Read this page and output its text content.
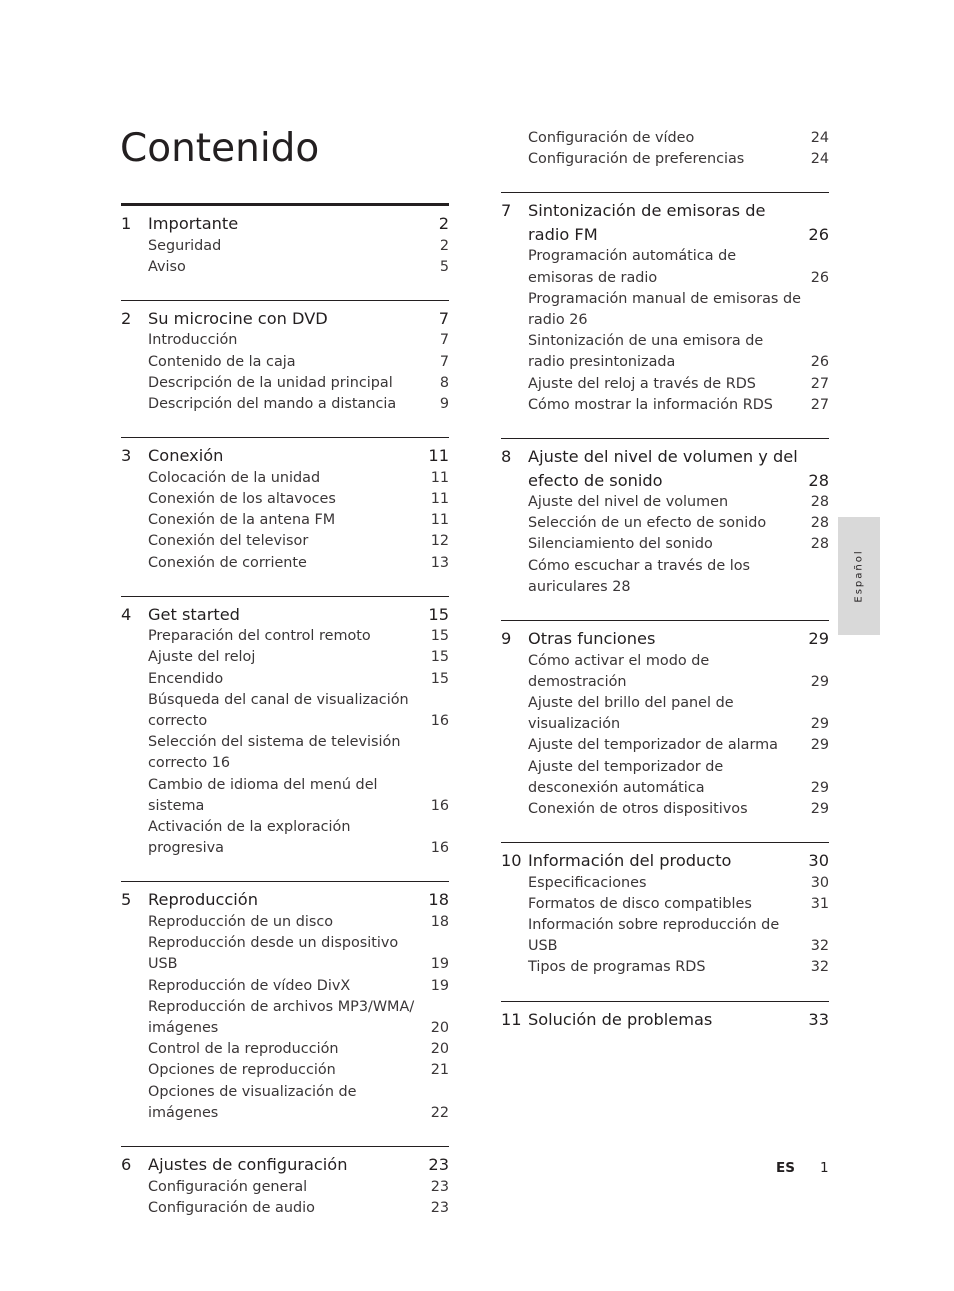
Contenido
1 Importante	2
Seguridad	2
Aviso	5
2 Su microcine con DVD	7
Introducción	7
Contenido de la caja	7
Descripción de la unidad principal	8
Descripción del mando a distancia	9
3 Conexión	11
Colocación de la unidad	11
Conexión de los altavoces	11
Conexión de la antena FM	11
Conexión del televisor	12
Conexión de corriente	13
4 Get started	15
Preparación del control remoto	15
Ajuste del reloj	15
Encendido	15
Búsqueda del canal de visualización correcto	16
Selección del sistema de televisión correcto 16
Cambio de idioma del menú del sistema	16
Activación de la exploración progresiva	16
5 Reproducción	18
Reproducción de un disco	18
Reproducción desde un dispositivo USB	19
Reproducción de vídeo DivX	19
Reproducción de archivos MP3/WMA/ imágenes	20
Control de la reproducción	20
Opciones de reproducción	21
Opciones de visualización de imágenes	22
6 Ajustes de configuración	23
Configuración general	23
Configuración de audio	23
Configuración de vídeo	24
Configuración de preferencias	24
7 Sintonización de emisoras de radio FM	26
Programación automática de emisoras de radio	26
Programación manual de emisoras de radio 26
Sintonización de una emisora de radio presintonizada	26
Ajuste del reloj a través de RDS	27
Cómo mostrar la información RDS	27
8 Ajuste del nivel de volumen y del efecto de sonido	28
Ajuste del nivel de volumen	28
Selección de un efecto de sonido	28
Silenciamiento del sonido	28
Cómo escuchar a través de los auriculares 28
9 Otras funciones	29
Cómo activar el modo de demostración	29
Ajuste del brillo del panel de visualización	29
Ajuste del temporizador de alarma	29
Ajuste del temporizador de desconexión automática	29
Conexión de otros dispositivos	29
10 Información del producto	30
Especificaciones	30
Formatos de disco compatibles	31
Información sobre reproducción de USB	32
Tipos de programas RDS	32
11 Solución de problemas	33
Español
ES 1
